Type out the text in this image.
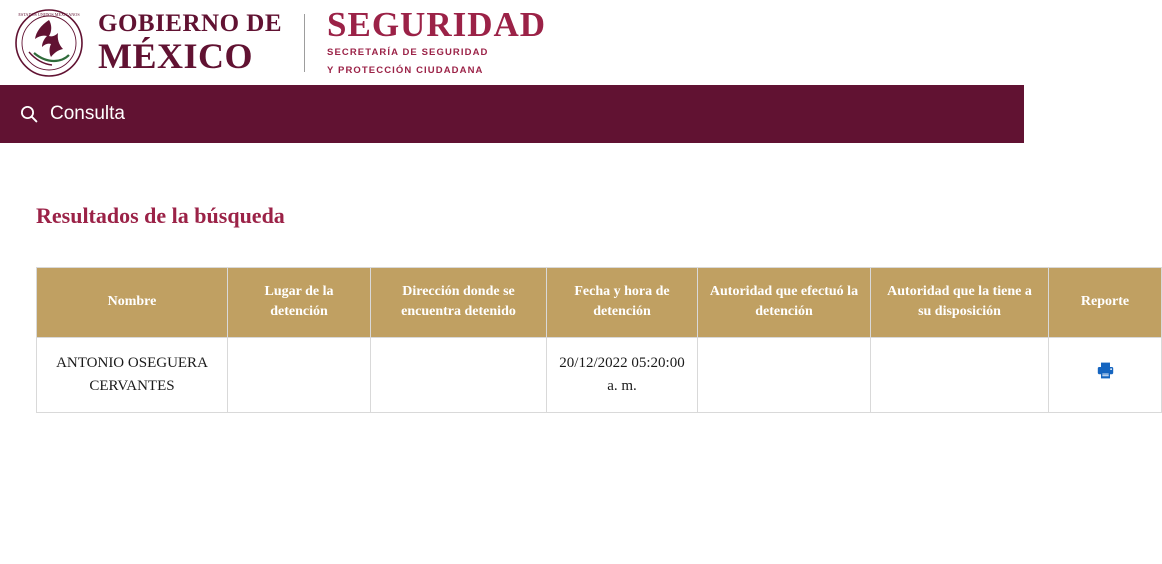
ESTADOS UNIDOS MEXICANOS GOBIERNO DE
MÉXICO
SEGURIDAD
SECRETARÍA DE SEGURIDAD
Y PROTECCIÓN CIUDADANA
Consulta
Resultados de la búsqueda
Nombre	Lugar de la detención	Dirección donde se encuentra detenido	Fecha y hora de detención	Autoridad que efectuó la detención	Autoridad que la tiene a su disposición	Reporte
ANTONIO OSEGUERA CERVANTES			20/12/2022 05:20:00 a. m.			
